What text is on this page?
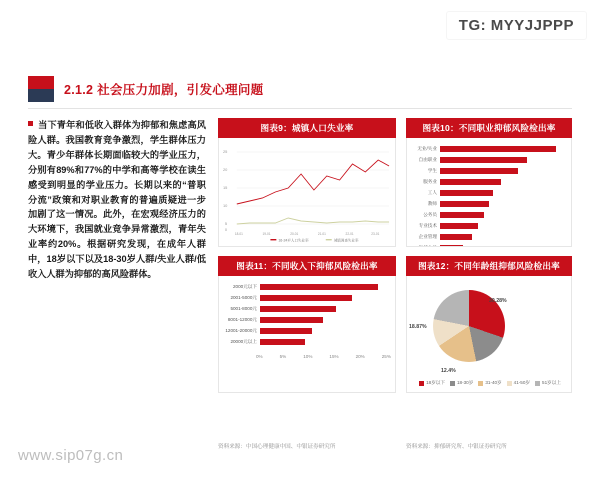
TG: MYYJJPPP
www.sip07g.cn
2.1.2 社会压力加剧，引发心理问题
当下青年和低收入群体为抑郁和焦虑高风险人群。我国教育竞争激烈，学生群体压力大。青少年群体长期面临较大的学业压力，分别有89%和77%的中学和高等学校在读生感受到明显的学业压力。长期以来的“普职分流”政策和对职业教育的普遍质疑进一步加剧了这一情况。此外，在宏观经济压力的大环境下，我国就业竞争异常激烈，青年失业率约20%。根据研究发现，在成年人群中，18岁以下以及18-30岁人群/失业人群/低收入人群为抑郁的高风险群体。
图表9：城镇人口失业率
25
20
15
10
5
0
18-01	19-01	20-01	21-01	22-01	23-01
16-24岁人口失业率	城镇调查失业率
图表10：不同职业抑郁风险检出率
无业/失业
自由职业
学生
服务业
工人
教师
公务员
专业技术
企业管理
医护人员
图表11：不同收入下抑郁风险检出率
2000元以下
2001-5000元
5001-8000元
8001-12000元
12001-20000元
20000元以上
0%	5%	10%	15%	20%	25%
图表12：不同年龄组抑郁风险检出率
30.28%
18.87%
12.4%
18岁以下	18-30岁	31-40岁	41-50岁	51岁以上
资料来源：中国心理健康中国、中银证券研究所	资料来源：抑郁研究所、中银证券研究所
